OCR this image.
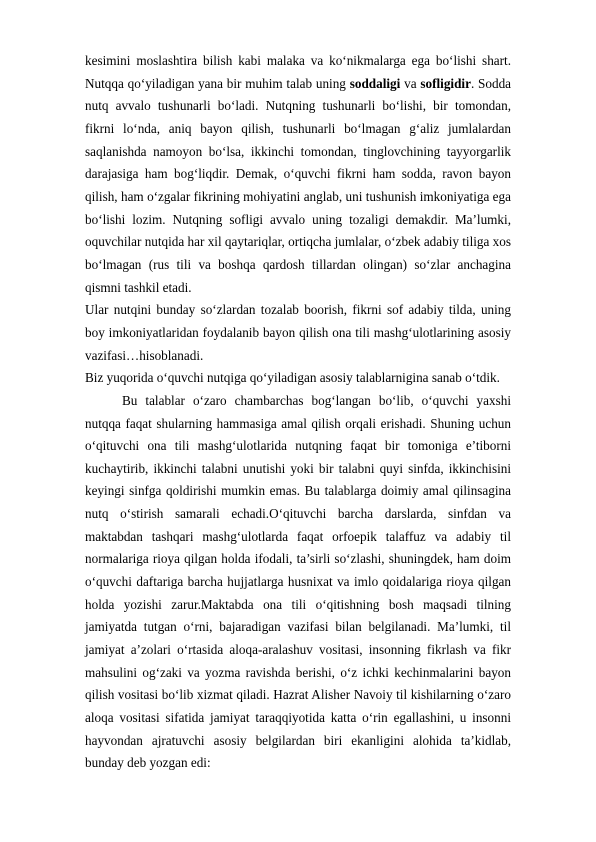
kesimini moslashtira bilish kabi malaka va ko‘nikmalarga ega bo‘lishi shart. Nutqqa qo‘yiladigan yana bir muhim talab uning soddaligi va sofligidir. Sodda nutq avvalo tushunarli bo‘ladi. Nutqning tushunarli bo‘lishi, bir tomondan, fikrni lo‘nda, aniq bayon qilish, tushunarli bo‘lmagan g‘aliz jumlalardan saqlanishda namoyon bo‘lsa, ikkinchi tomondan, tinglovchining tayyorgarlik darajasiga ham bog‘liqdir. Demak, o‘quvchi fikrni ham sodda, ravon bayon qilish, ham o‘zgalar fikrining mohiyatini anglab, uni tushunish imkoniyatiga ega bo‘lishi lozim. Nutqning sofligi avvalo uning tozaligi demakdir. Ma’lumki, oquvchilar nutqida har xil qaytariqlar, ortiqcha jumlalar, o‘zbek adabiy tiliga xos bo‘lmagan (rus tili va boshqa qardosh tillardan olingan) so‘zlar anchagina qismni tashkil etadi.

Ular nutqini bunday so‘zlardan tozalab boorish, fikrni sof adabiy tilda, uning boy imkoniyatlaridan foydalanib bayon qilish ona tili mashg‘ulotlarining asosiy vazifasi…hisoblanadi.

Biz yuqorida o‘quvchi nutqiga qo‘yiladigan asosiy talablarnigina sanab o‘tdik.

Bu talablar o‘zaro chambarchas bog‘langan bo‘lib, o‘quvchi yaxshi nutqqa faqat shularning hammasiga amal qilish orqali erishadi. Shuning uchun o‘qituvchi ona tili mashg‘ulotlarida nutqning faqat bir tomoniga e’tiborni kuchaytirib, ikkinchi talabni unutishi yoki bir talabni quyi sinfda, ikkinchisini keyingi sinfga qoldirishi mumkin emas. Bu talablarga doimiy amal qilinsagina nutq o‘stirish samarali echadi.O‘qituvchi barcha darslarda, sinfdan va maktabdan tashqari mashg‘ulotlarda faqat orfoepik talaffuz va adabiy til normalariga rioya qilgan holda ifodali, ta’sirli so‘zlashi, shuningdek, ham doim o‘quvchi daftariga barcha hujjatlarga husnixat va imlo qoidalariga rioya qilgan holda yozishi zarur.Maktabda ona tili o‘qitishning bosh maqsadi tilning jamiyatda tutgan o‘rni, bajaradigan vazifasi bilan belgilanadi. Ma’lumki, til jamiyat a’zolari o‘rtasida aloqa-aralashuv vositasi, insonning fikrlash va fikr mahsulini og‘zaki va yozma ravishda berishi, o‘z ichki kechinmalarini bayon qilish vositasi bo‘lib xizmat qiladi. Hazrat Alisher Navoiy til kishilarning o‘zaro aloqa vositasi sifatida jamiyat taraqqiyotida katta o‘rin egallashini, u insonni hayvondan ajratuvchi asosiy belgilardan biri ekanligini alohida ta’kidlab, bunday deb yozgan edi:
